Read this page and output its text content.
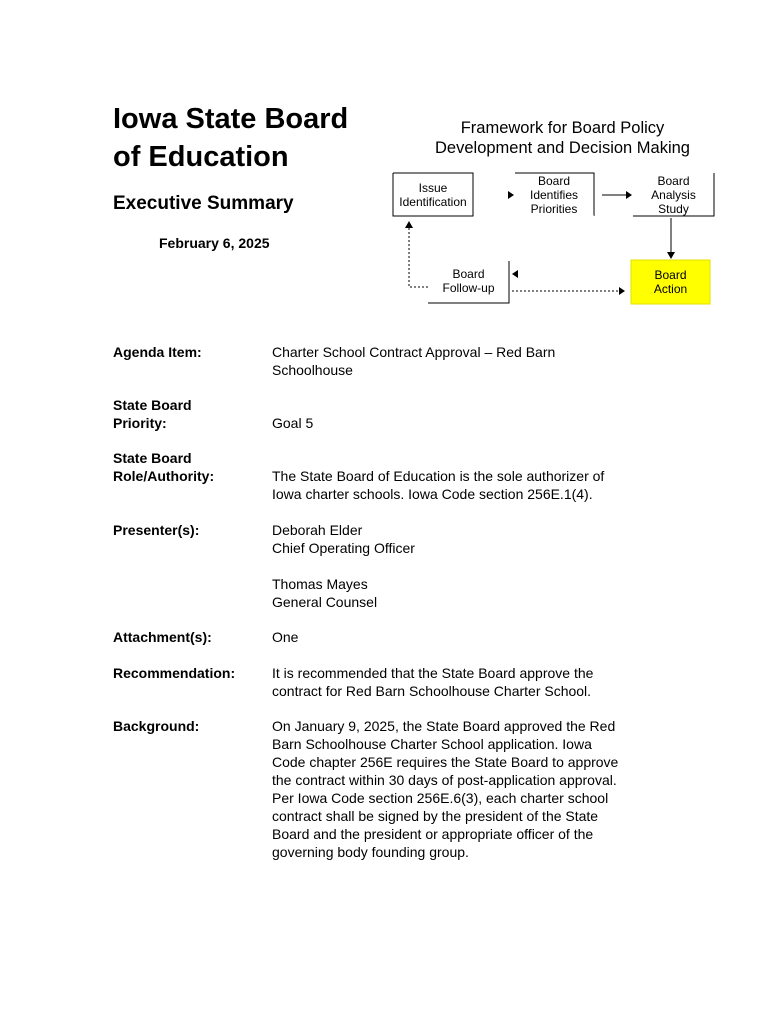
Iowa State Board
of Education
Executive Summary
February 6, 2025
Framework for Board Policy
Development and Decision Making
Issue
Identification
Board
Identifies
Priorities
Board
Analysis
Study
Board
Follow-up
Board
Action
Agenda Item:	Charter School Contract Approval – Red Barn
Schoolhouse
State Board
Priority:	Goal 5
State Board
Role/Authority:	The State Board of Education is the sole authorizer of
Iowa charter schools. Iowa Code section 256E.1(4).
Presenter(s):	Deborah Elder
Chief Operating Officer
Thomas Mayes
General Counsel
Attachment(s):	One
Recommendation:	It is recommended that the State Board approve the
contract for Red Barn Schoolhouse Charter School.
Background:	On January 9, 2025, the State Board approved the Red
Barn Schoolhouse Charter School application. Iowa
Code chapter 256E requires the State Board to approve
the contract within 30 days of post-application approval.
Per Iowa Code section 256E.6(3), each charter school
contract shall be signed by the president of the State
Board and the president or appropriate officer of the
governing body founding group.
